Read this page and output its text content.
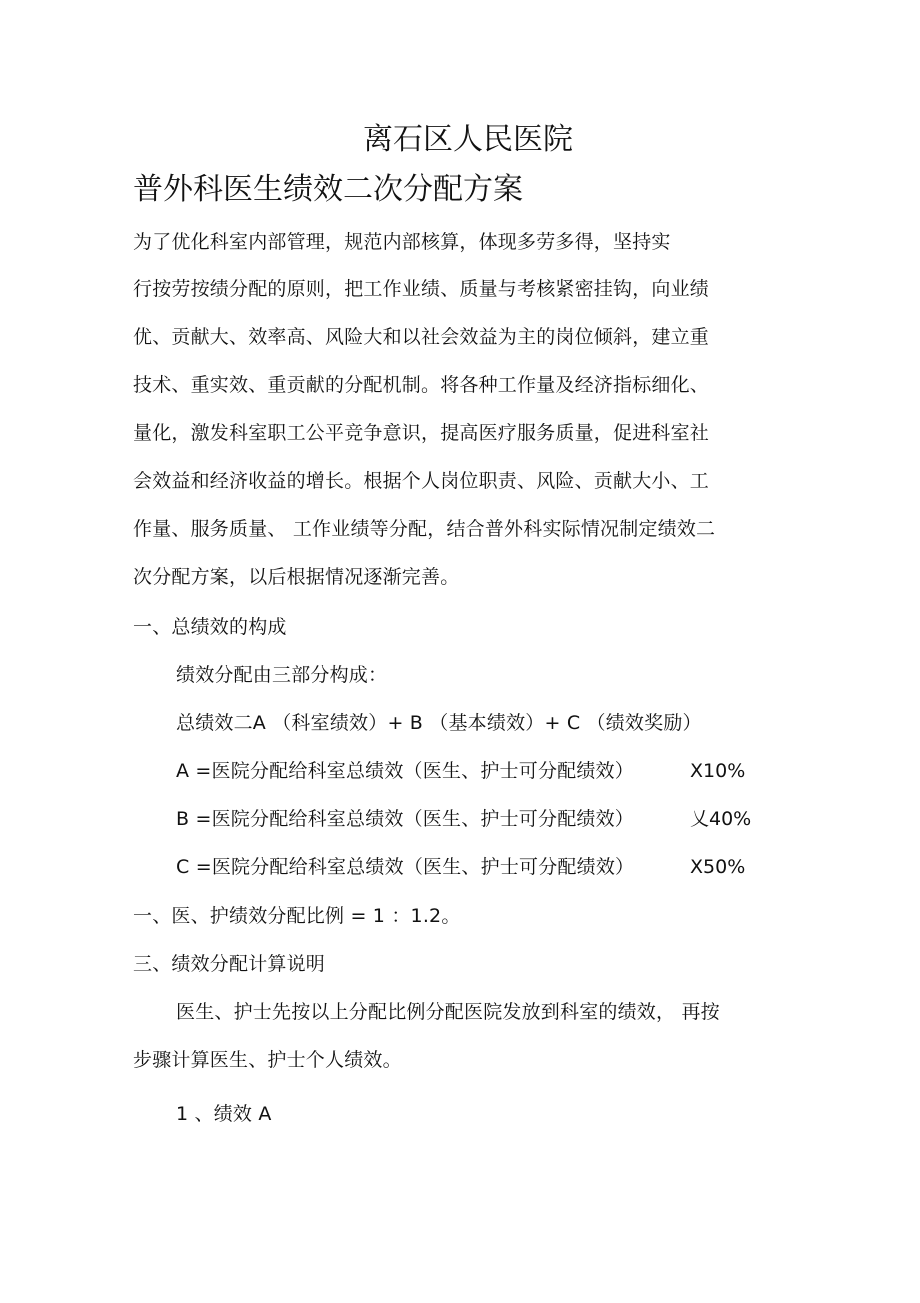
离石区人民医院
普外科医生绩效二次分配方案
为了优化科室内部管理，规范内部核算，体现多劳多得，坚持实
行按劳按绩分配的原则，把工作业绩、质量与考核紧密挂钩，向业绩
优、贡献大、效率高、风险大和以社会效益为主的岗位倾斜，建立重
技术、重实效、重贡献的分配机制。将各种工作量及经济指标细化、
量化，激发科室职工公平竞争意识，提高医疗服务质量，促进科室社
会效益和经济收益的增长。根据个人岗位职责、风险、贡献大小、工
作量、服务质量、 工作业绩等分配，结合普外科实际情况制定绩效二
次分配方案，以后根据情况逐渐完善。
一、总绩效的构成
绩效分配由三部分构成：
总绩效二A （科室绩效）+ B （基本绩效）+ C （绩效奖励）
A =医院分配给科室总绩效（医生、护士可分配绩效）	X10%
B =医院分配给科室总绩效（医生、护士可分配绩效）	乂40%
C =医院分配给科室总绩效（医生、护士可分配绩效）	X50%
一、医、护绩效分配比例 = 1 ：1.2。
三、绩效分配计算说明
医生、护士先按以上分配比例分配医院发放到科室的绩效， 再按
步骤计算医生、护士个人绩效。
1 、绩效 A
